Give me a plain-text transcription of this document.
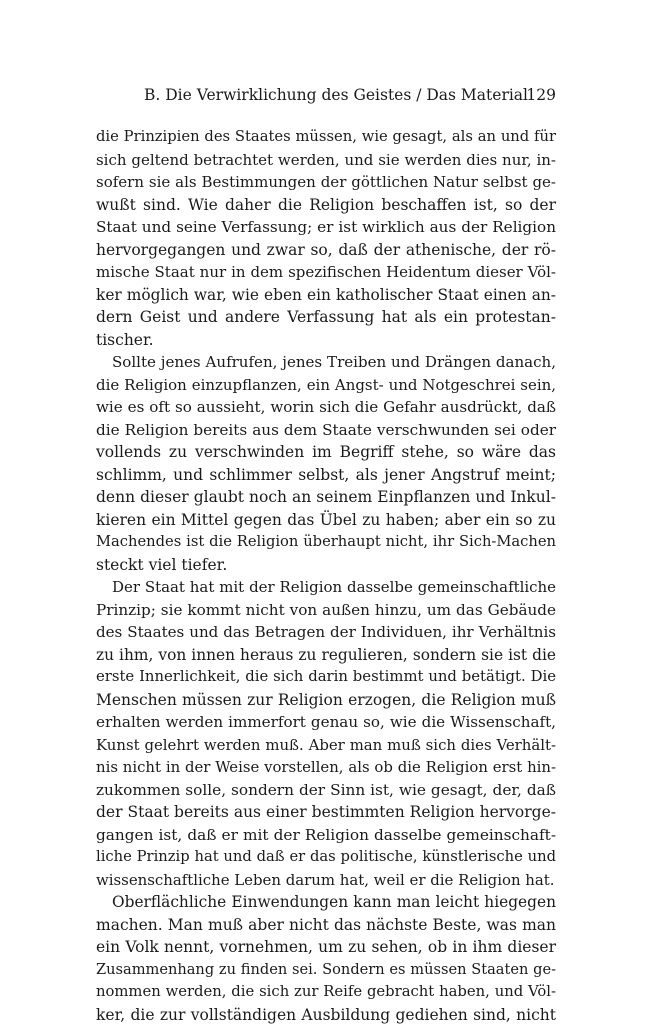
B. Die Verwirklichung des Geistes / Das Material
129
die Prinzipien des Staates müssen, wie gesagt, als an und für
sich geltend betrachtet werden, und sie werden dies nur, in-
sofern sie als Bestimmungen der göttlichen Natur selbst ge-
wußt sind. Wie daher die Religion beschaffen ist, so der
Staat und seine Verfassung; er ist wirklich aus der Religion
hervorgegangen und zwar so, daß der athenische, der rö-
mische Staat nur in dem spezifischen Heidentum dieser Völ-
ker möglich war, wie eben ein katholischer Staat einen an-
dern Geist und andere Verfassung hat als ein protestan-
tischer.
Sollte jenes Aufrufen, jenes Treiben und Drängen danach,
die Religion einzupflanzen, ein Angst- und Notgeschrei sein,
wie es oft so aussieht, worin sich die Gefahr ausdrückt, daß
die Religion bereits aus dem Staate verschwunden sei oder
vollends zu verschwinden im Begriff stehe, so wäre das
schlimm, und schlimmer selbst, als jener Angstruf meint;
denn dieser glaubt noch an seinem Einpflanzen und Inkul-
kieren ein Mittel gegen das Übel zu haben; aber ein so zu
Machendes ist die Religion überhaupt nicht, ihr Sich-Machen
steckt viel tiefer.
Der Staat hat mit der Religion dasselbe gemeinschaftliche
Prinzip; sie kommt nicht von außen hinzu, um das Gebäude
des Staates und das Betragen der Individuen, ihr Verhältnis
zu ihm, von innen heraus zu regulieren, sondern sie ist die
erste Innerlichkeit, die sich darin bestimmt und betätigt. Die
Menschen müssen zur Religion erzogen, die Religion muß
erhalten werden immerfort genau so, wie die Wissenschaft,
Kunst gelehrt werden muß. Aber man muß sich dies Verhält-
nis nicht in der Weise vorstellen, als ob die Religion erst hin-
zukommen solle, sondern der Sinn ist, wie gesagt, der, daß
der Staat bereits aus einer bestimmten Religion hervorge-
gangen ist, daß er mit der Religion dasselbe gemeinschaft-
liche Prinzip hat und daß er das politische, künstlerische und
wissenschaftliche Leben darum hat, weil er die Religion hat.
Oberflächliche Einwendungen kann man leicht hiegegen
machen. Man muß aber nicht das nächste Beste, was man
ein Volk nennt, vornehmen, um zu sehen, ob in ihm dieser
Zusammenhang zu finden sei. Sondern es müssen Staaten ge-
nommen werden, die sich zur Reife gebracht haben, und Völ-
ker, die zur vollständigen Ausbildung gediehen sind, nicht
